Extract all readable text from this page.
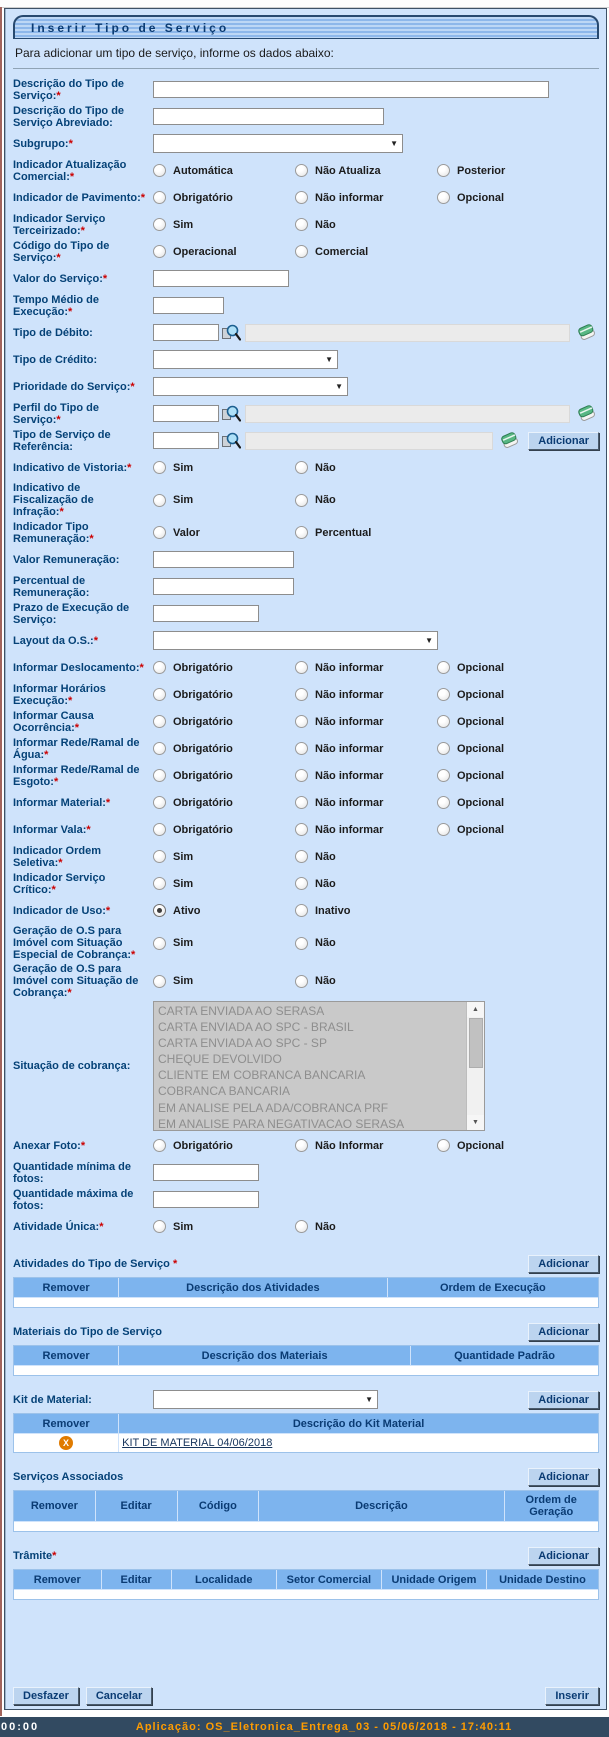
Inserir Tipo de Serviço
Para adicionar um tipo de serviço, informe os dados abaixo:
Descrição do Tipo de Serviço:*
Descrição do Tipo de Serviço Abreviado:
Subgrupo:*	▼
Indicador Atualização Comercial:*	Automática	Não Atualiza	Posterior
Indicador de Pavimento:*	Obrigatório	Não informar	Opcional
Indicador Serviço Terceirizado:*	Sim	Não
Código do Tipo de Serviço:*	Operacional	Comercial
Valor do Serviço:*
Tempo Médio de Execução:*
Tipo de Débito:
Tipo de Crédito:	▼
Prioridade do Serviço:*	▼
Perfil do Tipo de Serviço:*
Tipo de Serviço de Referência:	Adicionar
Indicativo de Vistoria:*	Sim	Não
Indicativo de Fiscalização de Infração:*
Sim	Não
Indicador Tipo Remuneração:*	Valor	Percentual
Valor Remuneração:
Percentual de Remuneração:
Prazo de Execução de Serviço:
Layout da O.S.:*	▼
Informar Deslocamento:*	Obrigatório	Não informar	Opcional
Informar Horários Execução:*	Obrigatório	Não informar	Opcional
Informar Causa Ocorrência:*	Obrigatório	Não informar	Opcional
Informar Rede/Ramal de Água:*	Obrigatório	Não informar	Opcional
Informar Rede/Ramal de Esgoto:*	Obrigatório	Não informar	Opcional
Informar Material:*	Obrigatório	Não informar	Opcional
Informar Vala:*	Obrigatório	Não informar	Opcional
Indicador Ordem Seletiva:*	Sim	Não
Indicador Serviço Crítico:*	Sim	Não
Indicador de Uso:*	Ativo	Inativo
Geração de O.S para Imóvel com Situação Especial de Cobrança:*
Sim	Não
Geração de O.S para Imóvel com Situação de Cobrança:*
Sim	Não
Situação de cobrança:
CARTA ENVIADA AO SERASA
CARTA ENVIADA AO SPC - BRASIL
CARTA ENVIADA AO SPC - SP
CHEQUE DEVOLVIDO
CLIENTE EM COBRANCA BANCARIA
COBRANCA BANCARIA
EM ANALISE PELA ADA/COBRANCA PRF
EM ANALISE PARA NEGATIVACAO SERASA
▲
▼
Anexar Foto:*	Obrigatório	Não Informar	Opcional
Quantidade mínima de fotos:
Quantidade máxima de fotos:
Atividade Única:*	Sim	Não
Atividades do Tipo de Serviço *	Adicionar
Remover	Descrição dos Atividades	Ordem de Execução
Materiais do Tipo de Serviço	Adicionar
Remover	Descrição dos Materiais	Quantidade Padrão
Kit de Material:	▼	Adicionar
Remover	Descrição do Kit Material
X	KIT DE MATERIAL 04/06/2018
Serviços Associados	Adicionar
Remover	Editar	Código	Descrição	Ordem de Geração
Trâmite*	Adicionar
Remover	Editar	Localidade	Setor Comercial	Unidade Origem	Unidade Destino
Desfazer	Cancelar	Inserir
00:00	Aplicação: OS_Eletronica_Entrega_03 - 05/06/2018 - 17:40:11
